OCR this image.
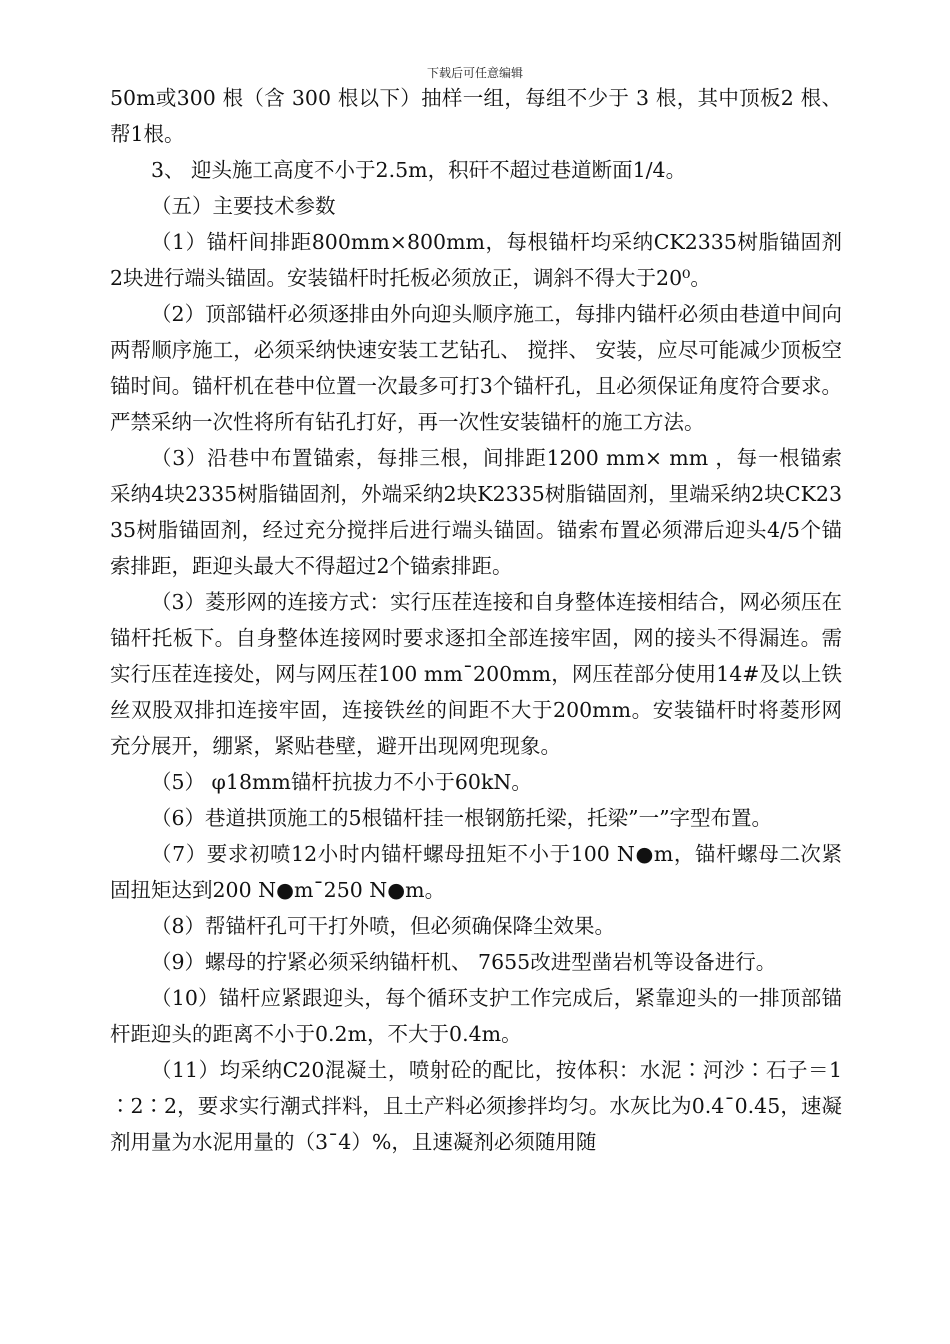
下载后可任意编辑

50m或300 根（含 300 根以下）抽样一组，每组不少于 3 根，其中顶板2 根、帮1根。

3、 迎头施工高度不小于2.5m，积矸不超过巷道断面1/4。

（五）主要技术参数

（1）锚杆间排距800mm×800mm，每根锚杆均采纳CK2335树脂锚固剂2块进行端头锚固。安装锚杆时托板必须放正，调斜不得大于20⁰。

（2）顶部锚杆必须逐排由外向迎头顺序施工，每排内锚杆必须由巷道中间向两帮顺序施工，必须采纳快速安装工艺钻孔、 搅拌、 安装，应尽可能减少顶板空锚时间。锚杆机在巷中位置一次最多可打3个锚杆孔，且必须保证角度符合要求。严禁采纳一次性将所有钻孔打好，再一次性安装锚杆的施工方法。

（3）沿巷中布置锚索，每排三根，间排距1200 mm× mm ，每一根锚索采纳4块2335树脂锚固剂，外端采纳2块K2335树脂锚固剂，里端采纳2块CK2335树脂锚固剂，经过充分搅拌后进行端头锚固。锚索布置必须滞后迎头4/5个锚索排距，距迎头最大不得超过2个锚索排距。

（3）菱形网的连接方式：实行压茬连接和自身整体连接相结合，网必须压在锚杆托板下。自身整体连接网时要求逐扣全部连接牢固，网的接头不得漏连。需实行压茬连接处，网与网压茬100 mm¯200mm，网压茬部分使用14#及以上铁丝双股双排扣连接牢固，连接铁丝的间距不大于200mm。安装锚杆时将菱形网充分展开，绷紧，紧贴巷壁，避开出现网兜现象。

（5） φ18mm锚杆抗拔力不小于60kN。

（6）巷道拱顶施工的5根锚杆挂一根钢筋托梁，托梁”一”字型布置。

（7）要求初喷12小时内锚杆螺母扭矩不小于100 N●m，锚杆螺母二次紧固扭矩达到200 N●m¯250 N●m。

（8）帮锚杆孔可干打外喷，但必须确保降尘效果。

（9）螺母的拧紧必须采纳锚杆机、 7655改进型凿岩机等设备进行。

（10）锚杆应紧跟迎头，每个循环支护工作完成后，紧靠迎头的一排顶部锚杆距迎头的距离不小于0.2m，不大于0.4m。

（11）均采纳C20混凝土，喷射砼的配比，按体积：水泥∶河沙∶石子＝1∶2∶2，要求实行潮式拌料，且土产料必须掺拌均匀。水灰比为0.4¯0.45，速凝剂用量为水泥用量的（3¯4）%，且速凝剂必须随用随
